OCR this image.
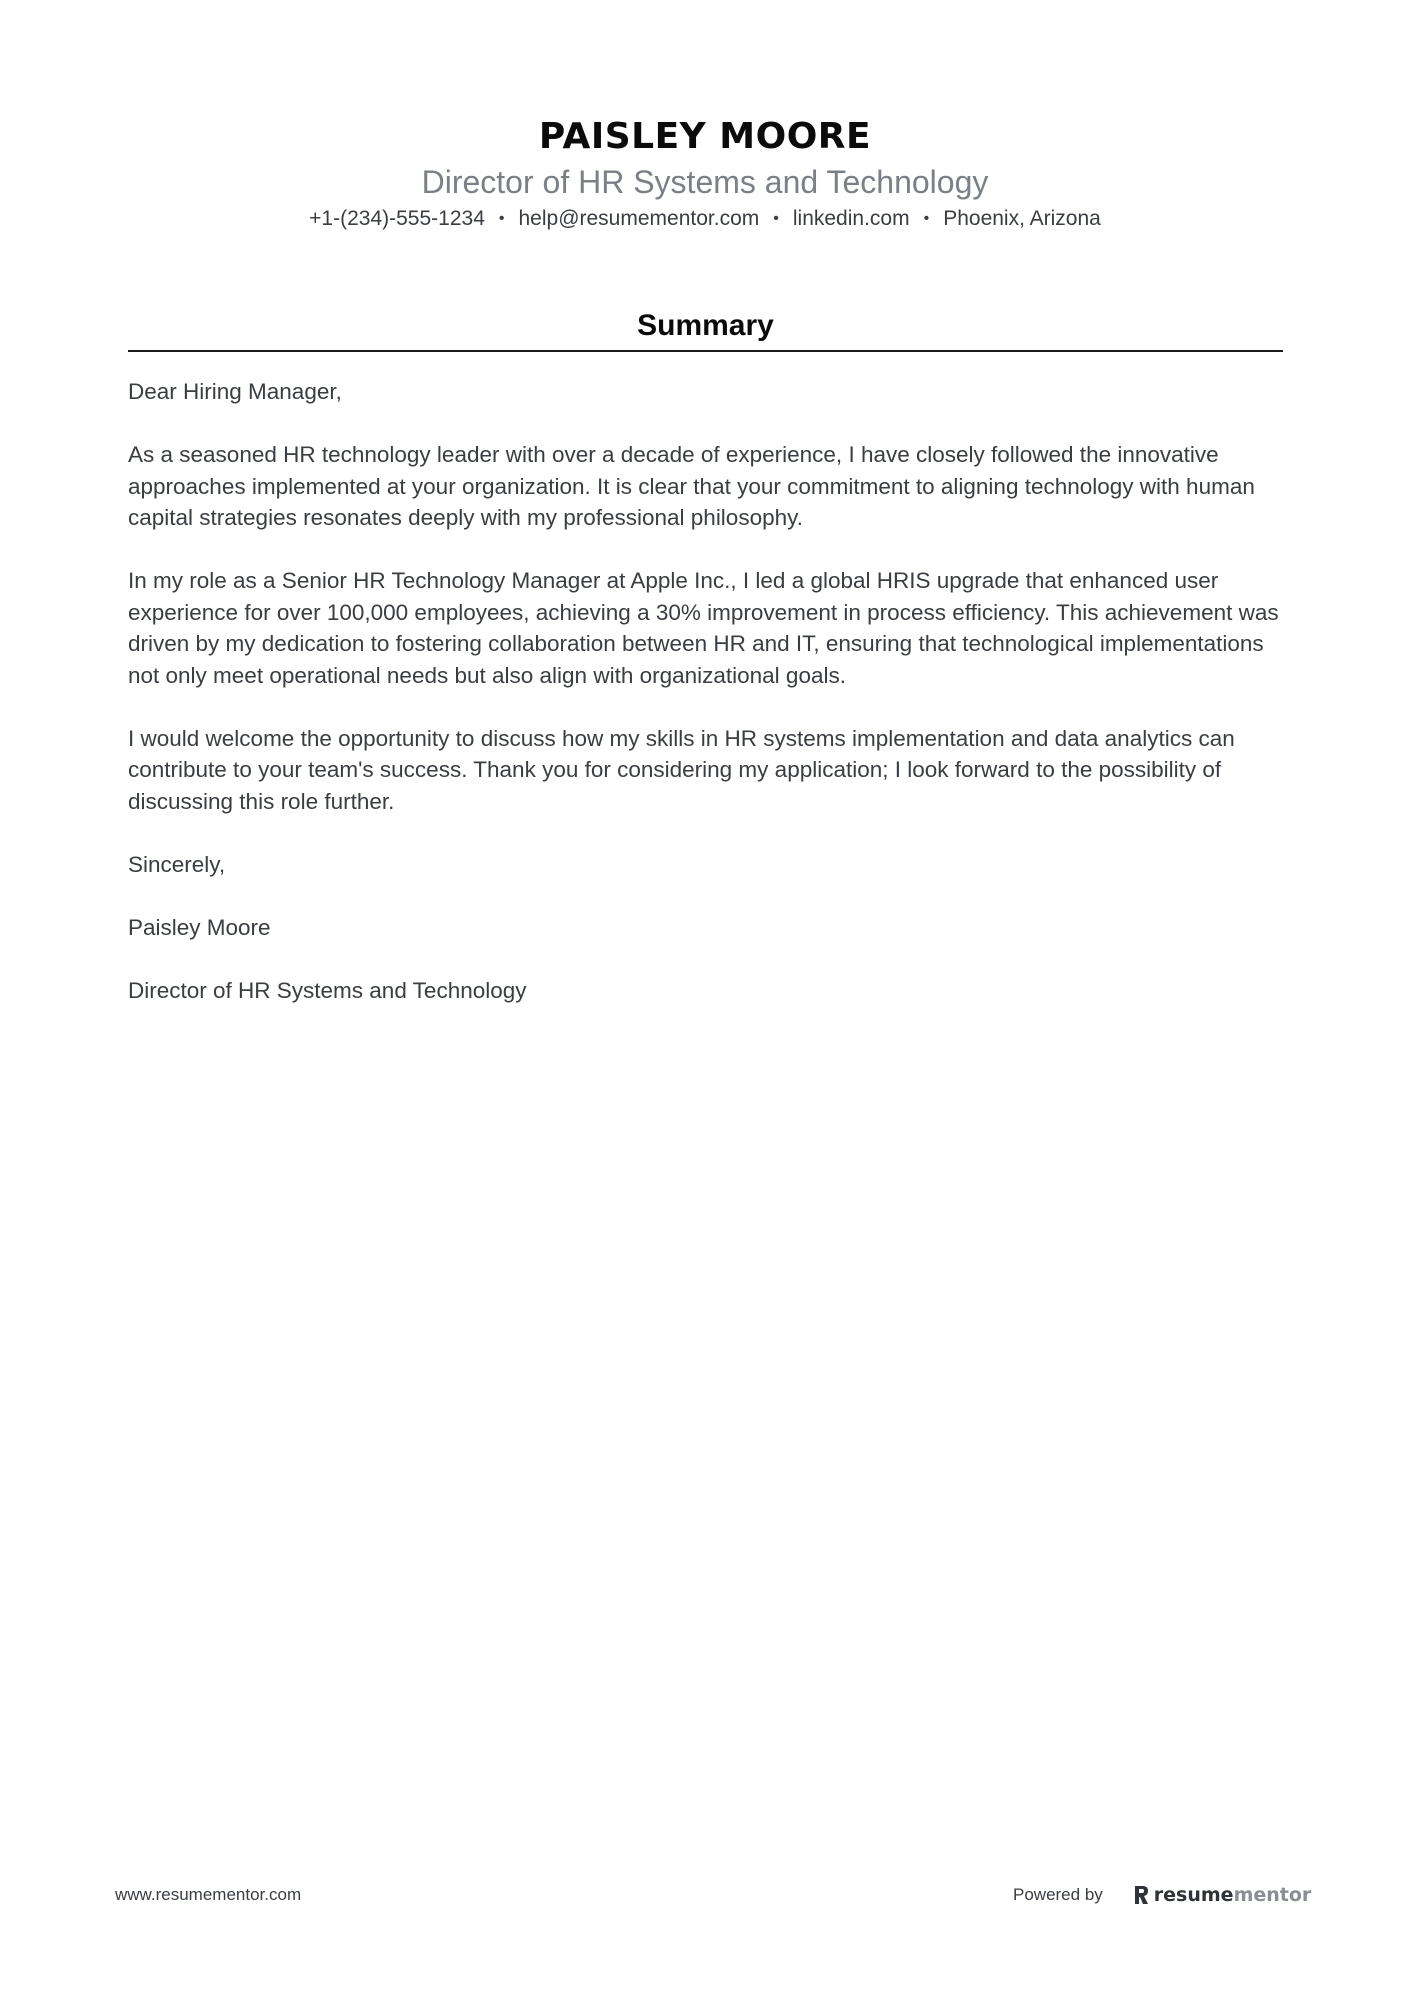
PAISLEY MOORE

Director of HR Systems and Technology

+1-(234)-555-1234 • help@resumementor.com • linkedin.com • Phoenix, Arizona

Summary

Dear Hiring Manager,

As a seasoned HR technology leader with over a decade of experience, I have closely followed the innovative approaches implemented at your organization. It is clear that your commitment to aligning technology with human capital strategies resonates deeply with my professional philosophy.

In my role as a Senior HR Technology Manager at Apple Inc., I led a global HRIS upgrade that enhanced user experience for over 100,000 employees, achieving a 30% improvement in process efficiency. This achievement was driven by my dedication to fostering collaboration between HR and IT, ensuring that technological implementations not only meet operational needs but also align with organizational goals.

I would welcome the opportunity to discuss how my skills in HR systems implementation and data analytics can contribute to your team's success. Thank you for considering my application; I look forward to the possibility of discussing this role further.

Sincerely,

Paisley Moore

Director of HR Systems and Technology

www.resumementor.com	Powered by	resume mentor
